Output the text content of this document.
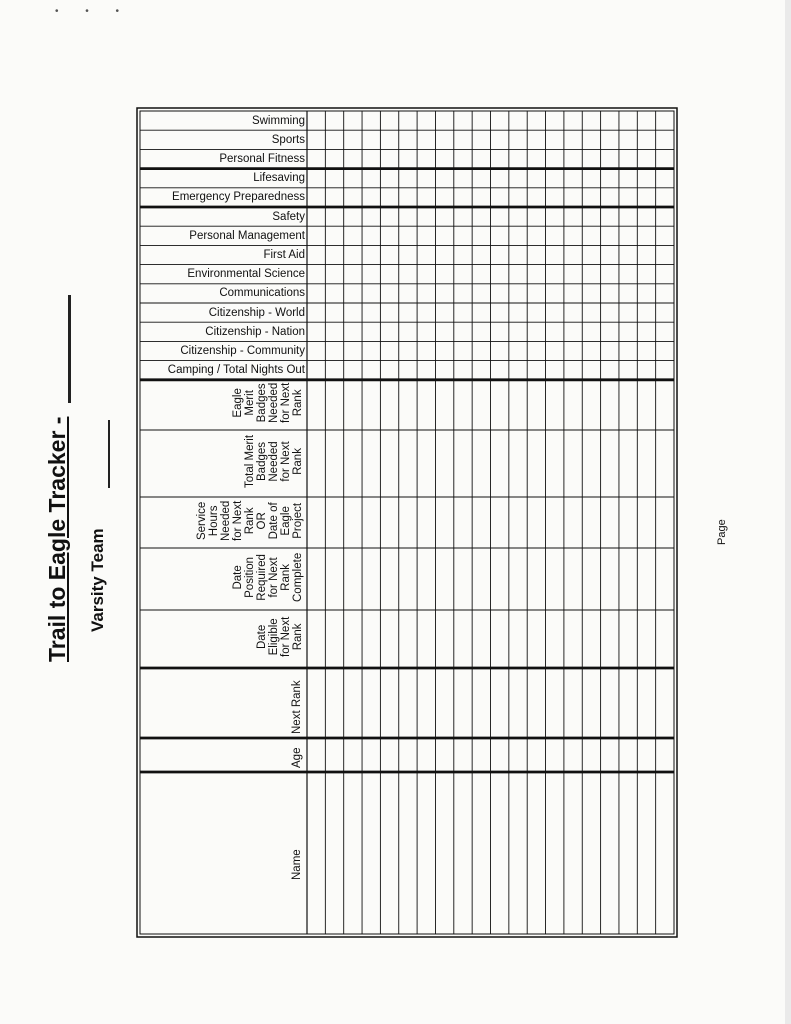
• • •
Trail to Eagle Tracker - Varsity Team	Page
Swimming
Sports
Personal Fitness
Lifesaving
Emergency Preparedness
Safety
Personal Management
First Aid
Environmental Science
Communications
Citizenship - World
Citizenship - Nation
Citizenship - Community
Camping / Total Nights Out
Eagle Merit Badges Needed for Next Rank
Total Merit Badges Needed for Next Rank
Service Hours Needed for Next Rank OR Date of Eagle Project
Date Position Required for Next Rank Complete
Date Eligible for Next Rank
Next Rank
Age
Name
